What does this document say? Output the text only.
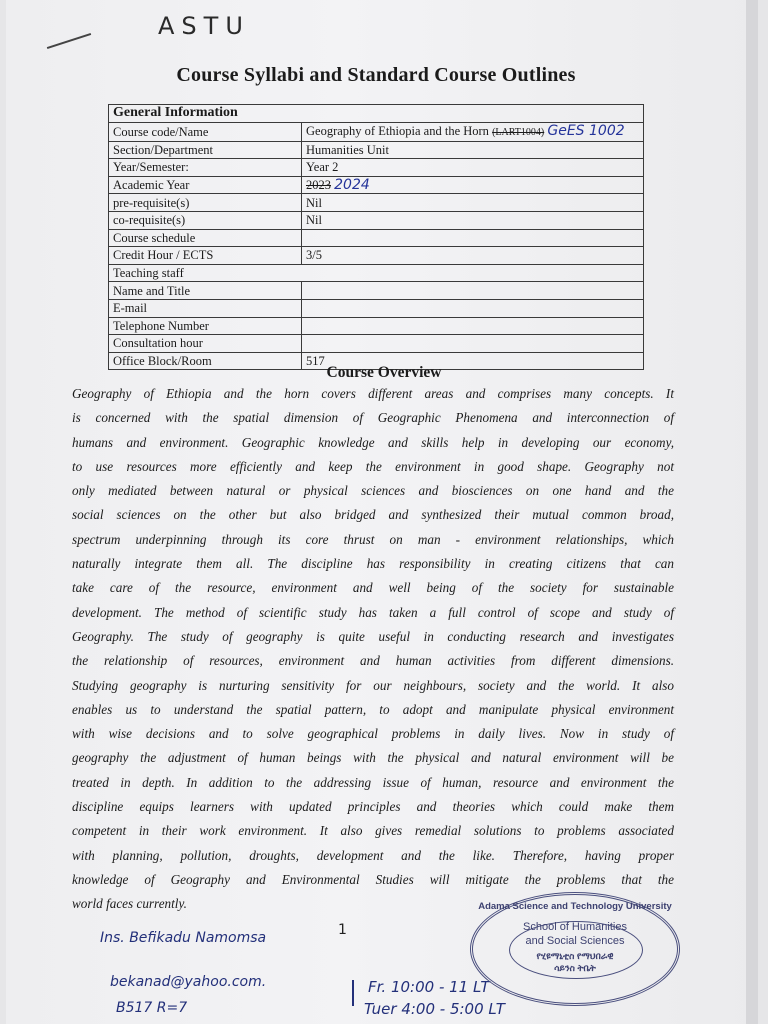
ASTU
Course Syllabi and Standard Course Outlines
General Information	
Course code/Name	Geography of Ethiopia and the Horn (LART1004) GeES 1002
Section/Department	Humanities Unit
Year/Semester:	Year 2
Academic Year	2023 2024
pre-requisite(s)	Nil
co-requisite(s)	Nil
Course schedule	
Credit Hour / ECTS	3/5
Teaching staff	
Name and Title	
E-mail	
Telephone Number	
Consultation hour	
Office Block/Room	517
Course Overview
Geography of Ethiopia and the horn covers different areas and comprises many concepts. It
is concerned with the spatial dimension of Geographic Phenomena and interconnection of
humans and environment. Geographic knowledge and skills help in developing our economy,
to use resources more efficiently and keep the environment in good shape. Geography not
only mediated between natural or physical sciences and biosciences on one hand and the
social sciences on the other but also bridged and synthesized their mutual common broad,
spectrum underpinning through its core thrust on man - environment relationships, which
naturally integrate them all. The discipline has responsibility in creating citizens that can
take care of the resource, environment and well being of the society for sustainable
development. The method of scientific study has taken a full control of scope and study of
Geography. The study of geography is quite useful in conducting research and investigates
the relationship of resources, environment and human activities from different dimensions.
Studying geography is nurturing sensitivity for our neighbours, society and the world. It also
enables us to understand the spatial pattern, to adopt and manipulate physical environment
with wise decisions and to solve geographical problems in daily lives. Now in study of
geography the adjustment of human beings with the physical and natural environment will be
treated in depth. In addition to the addressing issue of human, resource and environment the
discipline equips learners with updated principles and theories which could make them
competent in their work environment. It also gives remedial solutions to problems associated
with planning, pollution, droughts, development and the like. Therefore, having proper
knowledge of Geography and Environmental Studies will mitigate the problems that the
world faces currently.
Ins. Befikadu Namomsa	1
bekanad@yahoo.com.
B517 R=7
Fr. 10:00 - 11 LT
Tuer 4:00 - 5:00 LT
Adama Science and Technology University
School of Humanities
and Social Sciences
የሂዩማኒቲስ የማህበራዊ
ሳይንስ ትቤት
